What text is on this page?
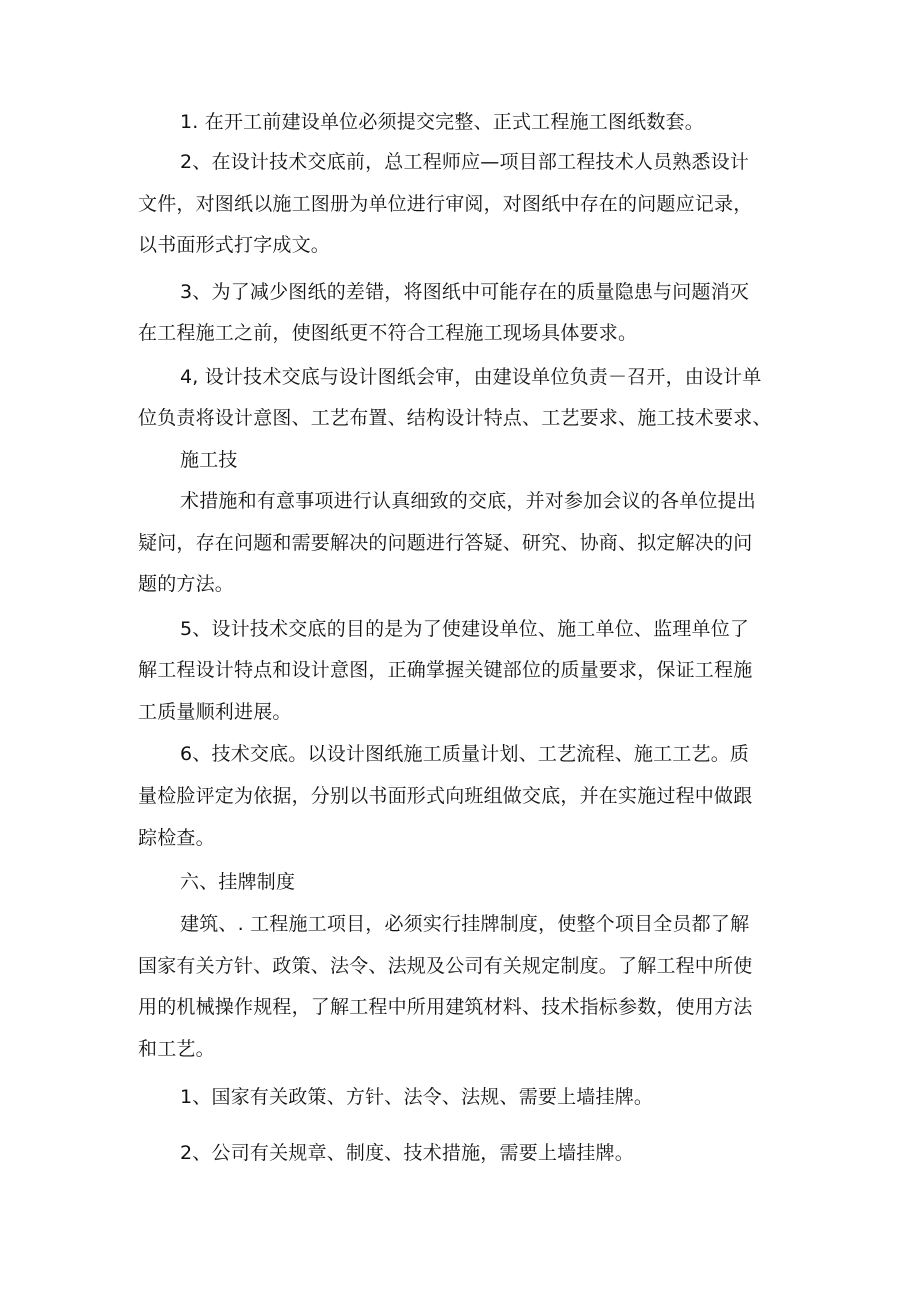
1. 在开工前建设单位必须提交完整、正式工程施工图纸数套。

2、在设计技术交底前，总工程师应—项目部工程技术人员熟悉设计

文件，对图纸以施工图册为单位进行审阅，对图纸中存在的问题应记录，

以书面形式打字成文。

3、为了减少图纸的差错，将图纸中可能存在的质量隐患与问题消灭

在工程施工之前，使图纸更不符合工程施工现场具体要求。

4, 设计技术交底与设计图纸会审，由建设单位负责－召开，由设计单

位负责将设计意图、工艺布置、结构设计特点、工艺要求、施工技术要求、

施工技

术措施和有意事项进行认真细致的交底，并对参加会议的各单位提出

疑问，存在问题和需要解决的问题进行答疑、研究、协商、拟定解决的问

题的方法。

5、设计技术交底的目的是为了使建设单位、施工单位、监理单位了

解工程设计特点和设计意图，正确掌握关键部位的质量要求，保证工程施

工质量顺利进展。

6、技术交底。以设计图纸施工质量计划、工艺流程、施工工艺。质

量检脸评定为依据，分别以书面形式向班组做交底，并在实施过程中做跟

踪检查。

六、挂牌制度

建筑、. 工程施工项目，必须实行挂牌制度，使整个项目全员都了解

国家有关方针、政策、法令、法规及公司有关规定制度。了解工程中所使

用的机械操作规程，了解工程中所用建筑材料、技术指标参数，使用方法

和工艺。

1、国家有关政策、方针、法令、法规、需要上墙挂牌。

2、公司有关规章、制度、技术措施，需要上墙挂牌。
